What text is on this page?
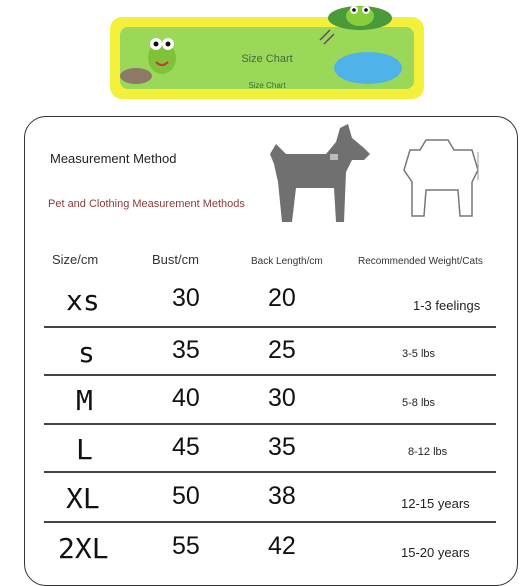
Size Chart
Size Chart
Measurement Method
Pet and Clothing Measurement Methods
Size/cm	Bust/cm	Back Length/cm	Recommended Weight/Cats
xs	30	20	1-3 feelings
s	35	25	3-5 lbs
M	40	30	5-8 lbs
L	45	35	8-12 lbs
XL	50	38	12-15 years
2XL	55	42	15-20 years
